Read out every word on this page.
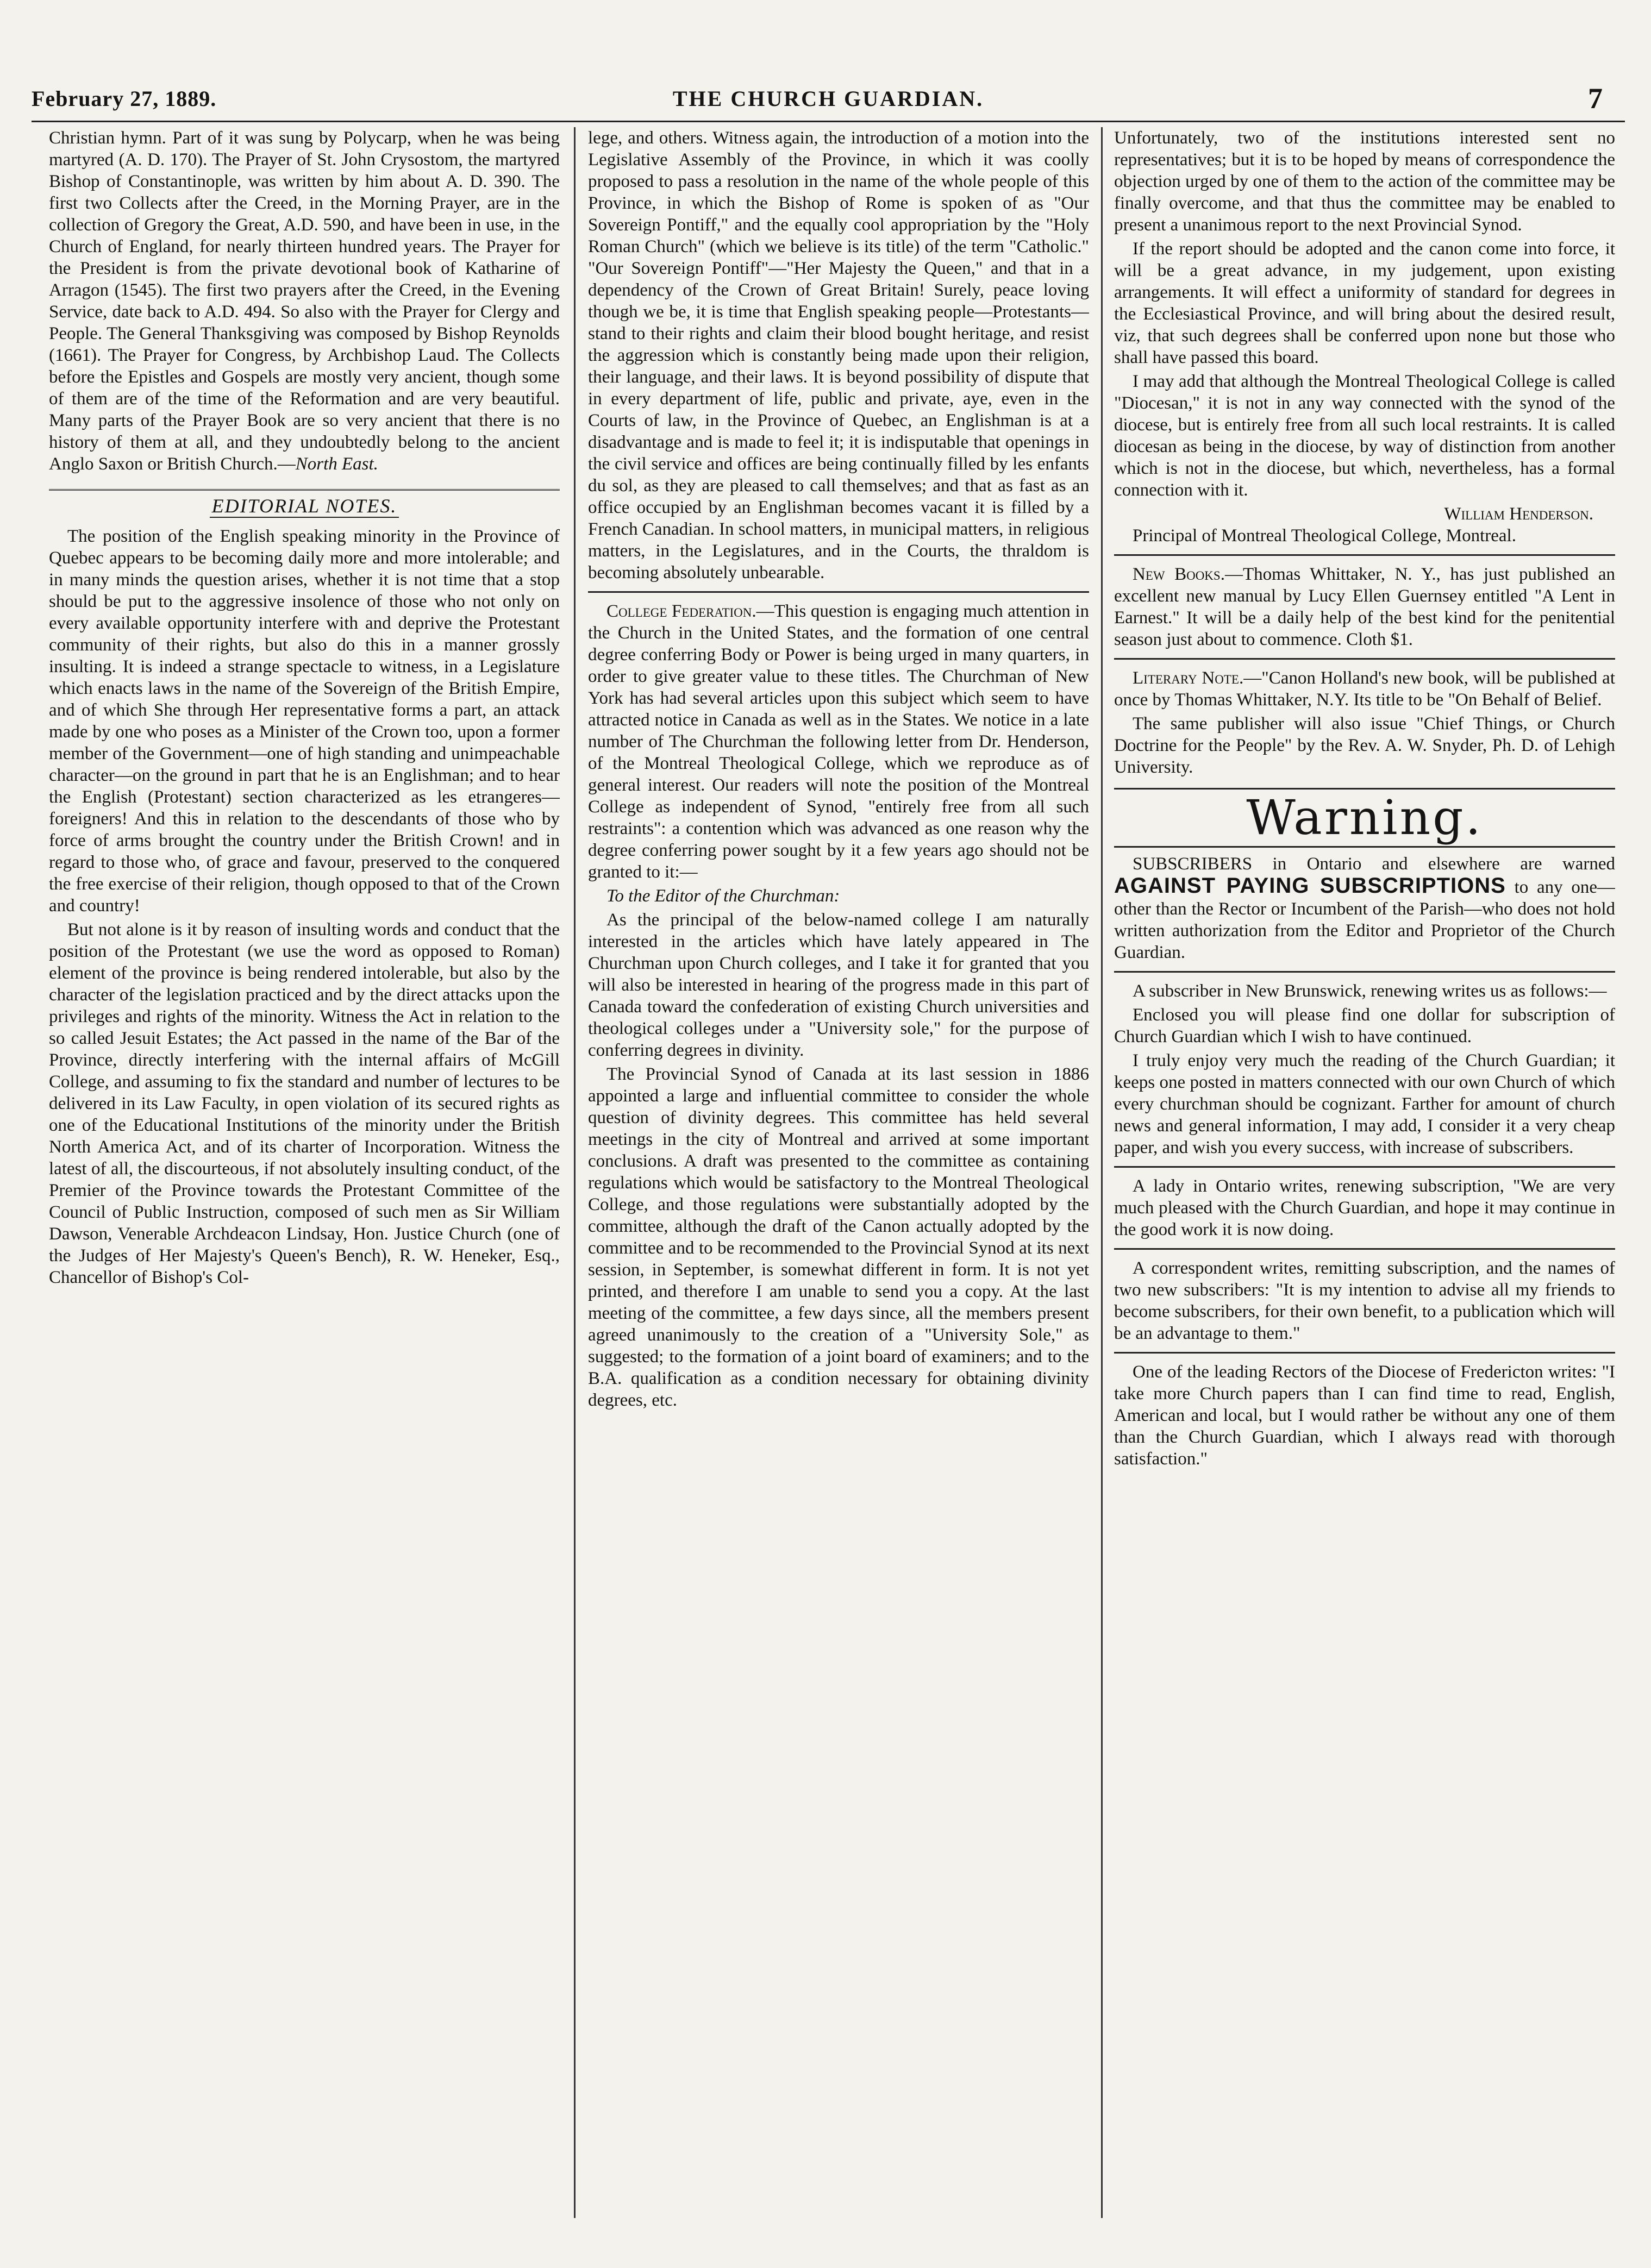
February 27, 1889.	THE CHURCH GUARDIAN.	7

Christian hymn. Part of it was sung by Polycarp, when he was being martyred (A. D. 170). The Prayer of St. John Crysostom, the martyred Bishop of Constantinople, was written by him about A. D. 390. The first two Collects after the Creed, in the Morning Prayer, are in the collection of Gregory the Great, A.D. 590, and have been in use, in the Church of England, for nearly thirteen hundred years. The Prayer for the President is from the private devotional book of Katharine of Arragon (1545). The first two prayers after the Creed, in the Evening Service, date back to A.D. 494. So also with the Prayer for Clergy and People. The General Thanksgiving was composed by Bishop Reynolds (1661). The Prayer for Congress, by Archbishop Laud. The Collects before the Epistles and Gospels are mostly very ancient, though some of them are of the time of the Reformation and are very beautiful. Many parts of the Prayer Book are so very ancient that there is no history of them at all, and they undoubtedly belong to the ancient Anglo Saxon or British Church.—North East.

EDITORIAL NOTES.

The position of the English speaking minority in the Province of Quebec appears to be becoming daily more and more intolerable; and in many minds the question arises, whether it is not time that a stop should be put to the aggressive insolence of those who not only on every available opportunity interfere with and deprive the Protestant community of their rights, but also do this in a manner grossly insulting. It is indeed a strange spectacle to witness, in a Legislature which enacts laws in the name of the Sovereign of the British Empire, and of which She through Her representative forms a part, an attack made by one who poses as a Minister of the Crown too, upon a former member of the Government—one of high standing and unimpeachable character—on the ground in part that he is an Englishman; and to hear the English (Protestant) section characterized as les etrangeres—foreigners! And this in relation to the descendants of those who by force of arms brought the country under the British Crown! and in regard to those who, of grace and favour, preserved to the conquered the free exercise of their religion, though opposed to that of the Crown and country!

But not alone is it by reason of insulting words and conduct that the position of the Protestant (we use the word as opposed to Roman) element of the province is being rendered intolerable, but also by the character of the legislation practiced and by the direct attacks upon the privileges and rights of the minority. Witness the Act in relation to the so called Jesuit Estates; the Act passed in the name of the Bar of the Province, directly interfering with the internal affairs of McGill College, and assuming to fix the standard and number of lectures to be delivered in its Law Faculty, in open violation of its secured rights as one of the Educational Institutions of the minority under the British North America Act, and of its charter of Incorporation. Witness the latest of all, the discourteous, if not absolutely insulting conduct, of the Premier of the Province towards the Protestant Committee of the Council of Public Instruction, composed of such men as Sir William Dawson, Venerable Archdeacon Lindsay, Hon. Justice Church (one of the Judges of Her Majesty's Queen's Bench), R. W. Heneker, Esq., Chancellor of Bishop's Col-

lege, and others. Witness again, the introduction of a motion into the Legislative Assembly of the Province, in which it was coolly proposed to pass a resolution in the name of the whole people of this Province, in which the Bishop of Rome is spoken of as "Our Sovereign Pontiff," and the equally cool appropriation by the "Holy Roman Church" (which we believe is its title) of the term "Catholic." "Our Sovereign Pontiff"—"Her Majesty the Queen," and that in a dependency of the Crown of Great Britain! Surely, peace loving though we be, it is time that English speaking people—Protestants—stand to their rights and claim their blood bought heritage, and resist the aggression which is constantly being made upon their religion, their language, and their laws. It is beyond possibility of dispute that in every department of life, public and private, aye, even in the Courts of law, in the Province of Quebec, an Englishman is at a disadvantage and is made to feel it; it is indisputable that openings in the civil service and offices are being continually filled by les enfants du sol, as they are pleased to call themselves; and that as fast as an office occupied by an Englishman becomes vacant it is filled by a French Canadian. In school matters, in municipal matters, in religious matters, in the Legislatures, and in the Courts, the thraldom is becoming absolutely unbearable.

College Federation.—This question is engaging much attention in the Church in the United States, and the formation of one central degree conferring Body or Power is being urged in many quarters, in order to give greater value to these titles. The Churchman of New York has had several articles upon this subject which seem to have attracted notice in Canada as well as in the States. We notice in a late number of The Churchman the following letter from Dr. Henderson, of the Montreal Theological College, which we reproduce as of general interest. Our readers will note the position of the Montreal College as independent of Synod, "entirely free from all such restraints": a contention which was advanced as one reason why the degree conferring power sought by it a few years ago should not be granted to it:—

To the Editor of the Churchman:

As the principal of the below-named college I am naturally interested in the articles which have lately appeared in The Churchman upon Church colleges, and I take it for granted that you will also be interested in hearing of the progress made in this part of Canada toward the confederation of existing Church universities and theological colleges under a "University sole," for the purpose of conferring degrees in divinity.

The Provincial Synod of Canada at its last session in 1886 appointed a large and influential committee to consider the whole question of divinity degrees. This committee has held several meetings in the city of Montreal and arrived at some important conclusions. A draft was presented to the committee as containing regulations which would be satisfactory to the Montreal Theological College, and those regulations were substantially adopted by the committee, although the draft of the Canon actually adopted by the committee and to be recommended to the Provincial Synod at its next session, in September, is somewhat different in form. It is not yet printed, and therefore I am unable to send you a copy. At the last meeting of the committee, a few days since, all the members present agreed unanimously to the creation of a "University Sole," as suggested; to the formation of a joint board of examiners; and to the B.A. qualification as a condition necessary for obtaining divinity degrees, etc.

Unfortunately, two of the institutions interested sent no representatives; but it is to be hoped by means of correspondence the objection urged by one of them to the action of the committee may be finally overcome, and that thus the committee may be enabled to present a unanimous report to the next Provincial Synod.

If the report should be adopted and the canon come into force, it will be a great advance, in my judgement, upon existing arrangements. It will effect a uniformity of standard for degrees in the Ecclesiastical Province, and will bring about the desired result, viz, that such degrees shall be conferred upon none but those who shall have passed this board.

I may add that although the Montreal Theological College is called "Diocesan," it is not in any way connected with the synod of the diocese, but is entirely free from all such local restraints. It is called diocesan as being in the diocese, by way of distinction from another which is not in the diocese, but which, nevertheless, has a formal connection with it.

William Henderson.

Principal of Montreal Theological College, Montreal.

New Books.—Thomas Whittaker, N. Y., has just published an excellent new manual by Lucy Ellen Guernsey entitled "A Lent in Earnest." It will be a daily help of the best kind for the penitential season just about to commence. Cloth $1.

Literary Note.—"Canon Holland's new book, will be published at once by Thomas Whittaker, N.Y. Its title to be "On Behalf of Belief.

The same publisher will also issue "Chief Things, or Church Doctrine for the People" by the Rev. A. W. Snyder, Ph. D. of Lehigh University.

Warning.

SUBSCRIBERS in Ontario and elsewhere are warned AGAINST PAYING SUBSCRIPTIONS to any one—other than the Rector or Incumbent of the Parish—who does not hold written authorization from the Editor and Proprietor of the Church Guardian.

A subscriber in New Brunswick, renewing writes us as follows:—

Enclosed you will please find one dollar for subscription of Church Guardian which I wish to have continued.

I truly enjoy very much the reading of the Church Guardian; it keeps one posted in matters connected with our own Church of which every churchman should be cognizant. Farther for amount of church news and general information, I may add, I consider it a very cheap paper, and wish you every success, with increase of subscribers.

A lady in Ontario writes, renewing subscription, "We are very much pleased with the Church Guardian, and hope it may continue in the good work it is now doing.

A correspondent writes, remitting subscription, and the names of two new subscribers: "It is my intention to advise all my friends to become subscribers, for their own benefit, to a publication which will be an advantage to them."

One of the leading Rectors of the Diocese of Fredericton writes: "I take more Church papers than I can find time to read, English, American and local, but I would rather be without any one of them than the Church Guardian, which I always read with thorough satisfaction."
